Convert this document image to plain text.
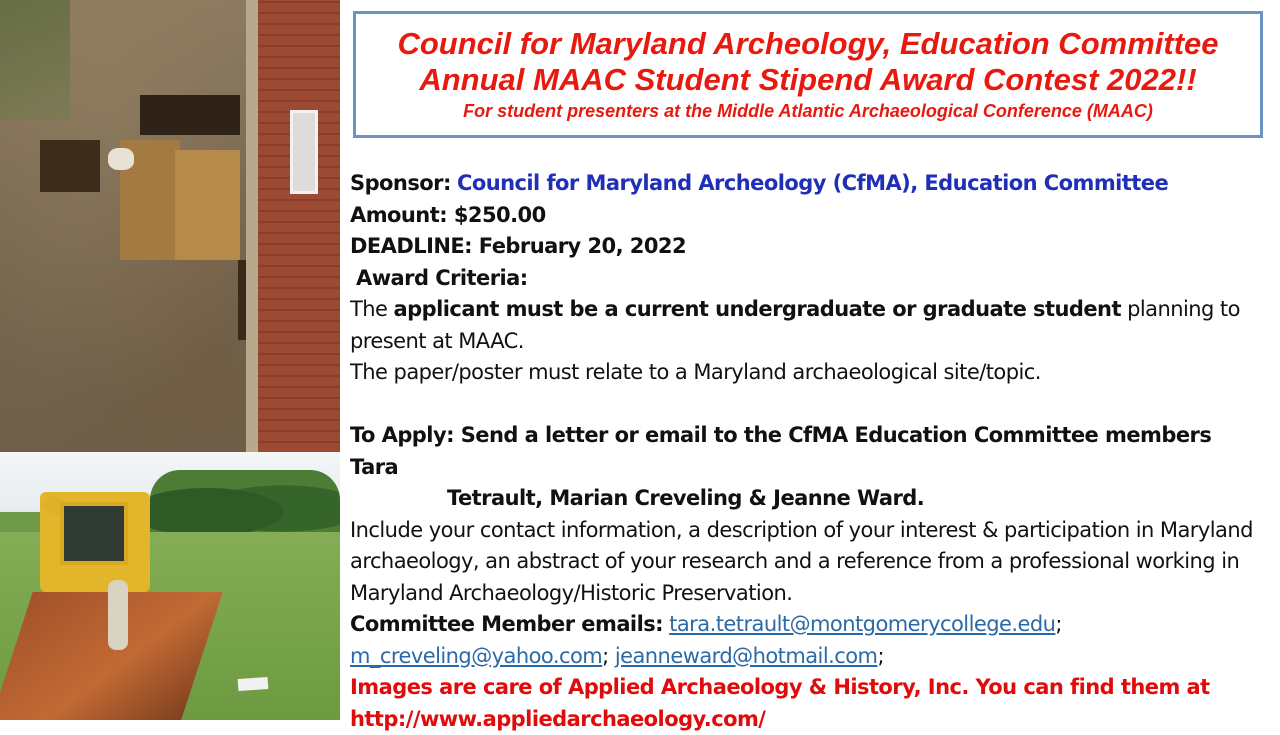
Council for Maryland Archeology, Education Committee
Annual MAAC Student Stipend Award Contest 2022!!
For student presenters at the Middle Atlantic Archaeological Conference (MAAC)

Sponsor: Council for Maryland Archeology (CfMA), Education Committee

Amount: $250.00

DEADLINE: February 20, 2022

Award Criteria:

The applicant must be a current undergraduate or graduate student planning to present at MAAC.

The paper/poster must relate to a Maryland archaeological site/topic.

To Apply: Send a letter or email to the CfMA Education Committee members Tara

Tetrault, Marian Creveling & Jeanne Ward.

Include your contact information, a description of your interest & participation in Maryland archaeology, an abstract of your research and a reference from a professional working in Maryland Archaeology/Historic Preservation.

Committee Member emails: tara.tetrault@montgomerycollege.edu; m_creveling@yahoo.com; jeanneward@hotmail.com;

Images are care of Applied Archaeology & History, Inc. You can find them at

http://www.appliedarchaeology.com/
